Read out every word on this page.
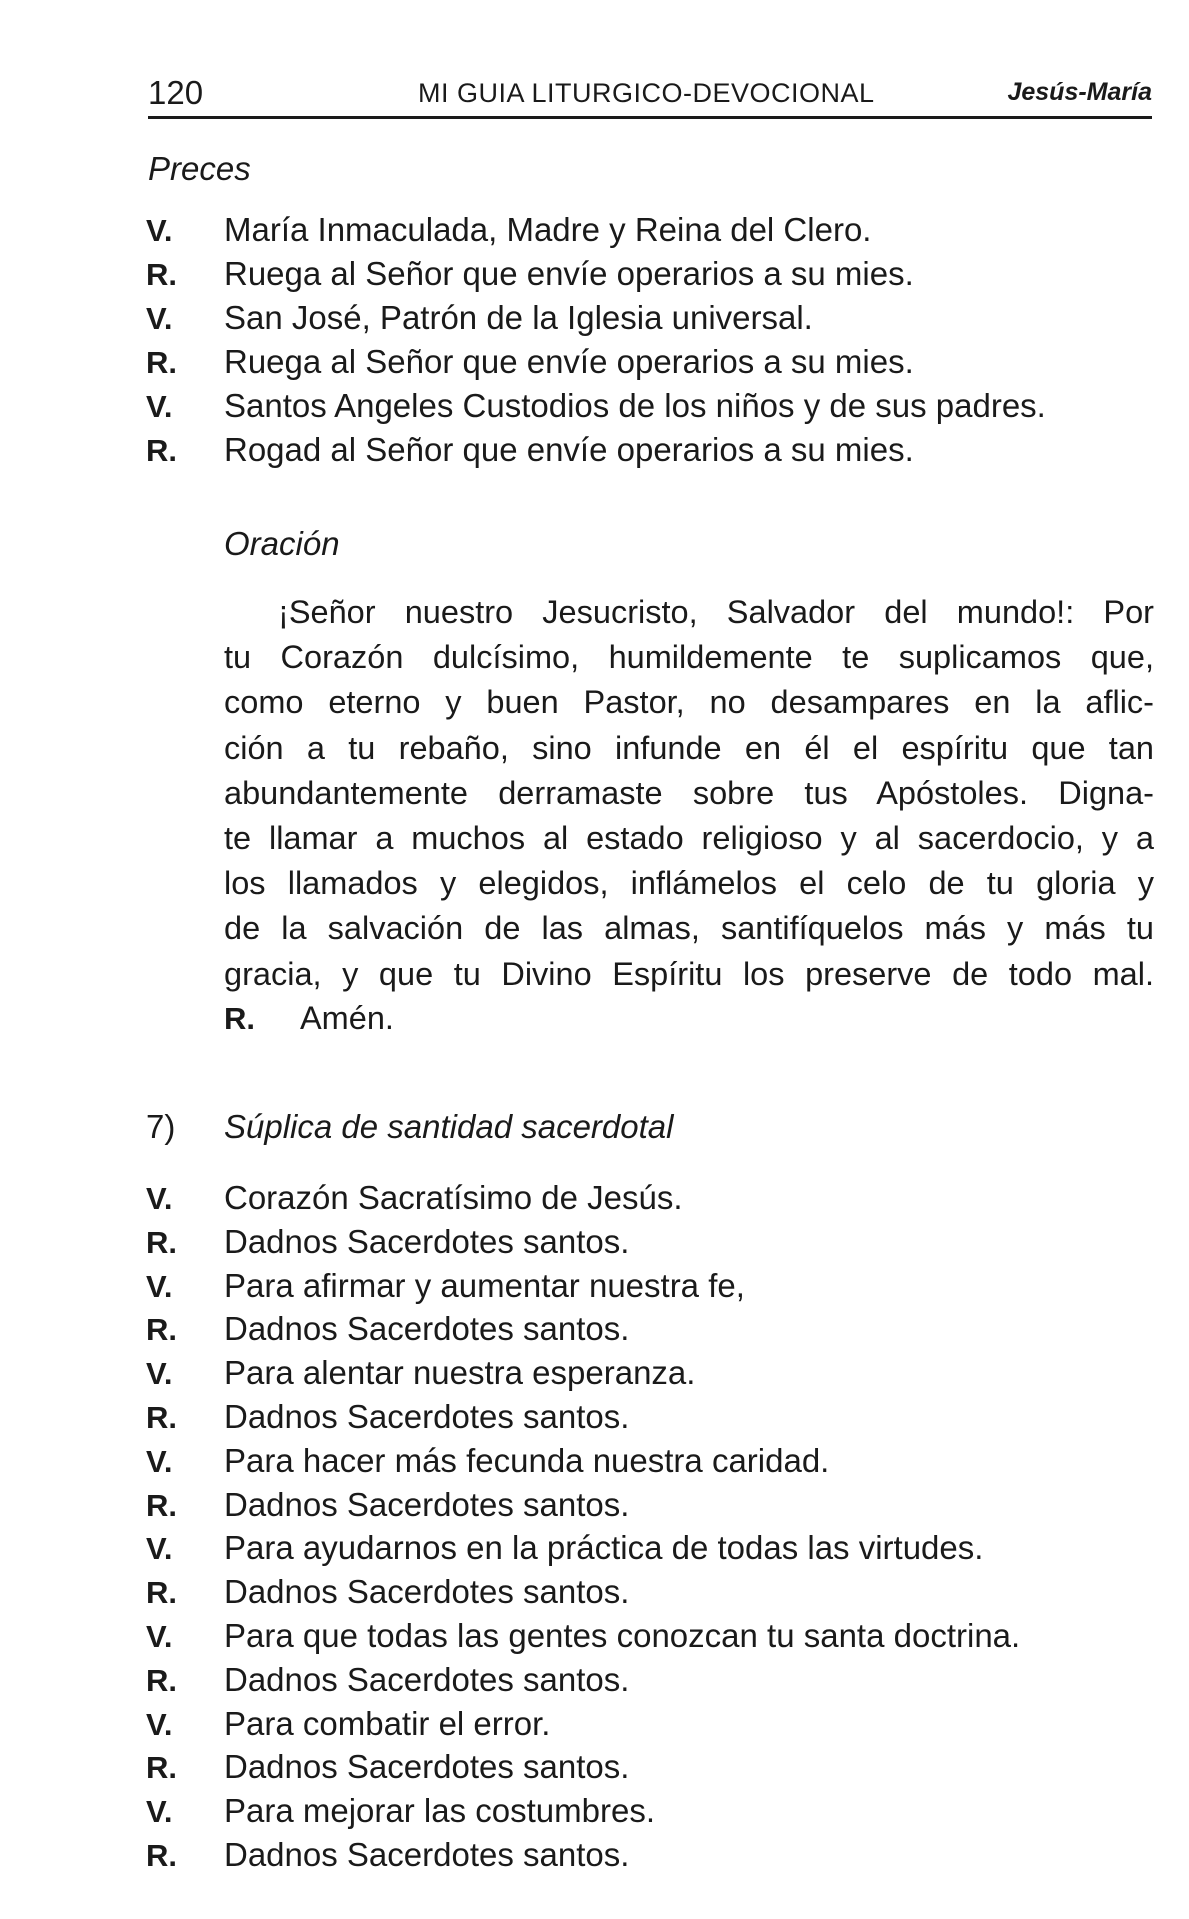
120	MI GUIA LITURGICO-DEVOCIONAL	Jesús-María
Preces
V. María Inmaculada, Madre y Reina del Clero.
R. Ruega al Señor que envíe operarios a su mies.
V. San José, Patrón de la Iglesia universal.
R. Ruega al Señor que envíe operarios a su mies.
V. Santos Angeles Custodios de los niños y de sus padres.
R. Rogad al Señor que envíe operarios a su mies.
Oración
¡Señor nuestro Jesucristo, Salvador del mundo!: Por
tu Corazón dulcísimo, humildemente te suplicamos que,
como eterno y buen Pastor, no desampares en la aflic-
ción a tu rebaño, sino infunde en él el espíritu que tan
abundantemente derramaste sobre tus Apóstoles. Digna-
te llamar a muchos al estado religioso y al sacerdocio, y a
los llamados y elegidos, inflámelos el celo de tu gloria y
de la salvación de las almas, santifíquelos más y más tu
gracia, y que tu Divino Espíritu los preserve de todo mal.
R. Amén.
7) Súplica de santidad sacerdotal
V. Corazón Sacratísimo de Jesús.
R. Dadnos Sacerdotes santos.
V. Para afirmar y aumentar nuestra fe,
R. Dadnos Sacerdotes santos.
V. Para alentar nuestra esperanza.
R. Dadnos Sacerdotes santos.
V. Para hacer más fecunda nuestra caridad.
R. Dadnos Sacerdotes santos.
V. Para ayudarnos en la práctica de todas las virtudes.
R. Dadnos Sacerdotes santos.
V. Para que todas las gentes conozcan tu santa doctrina.
R. Dadnos Sacerdotes santos.
V. Para combatir el error.
R. Dadnos Sacerdotes santos.
V. Para mejorar las costumbres.
R. Dadnos Sacerdotes santos.
